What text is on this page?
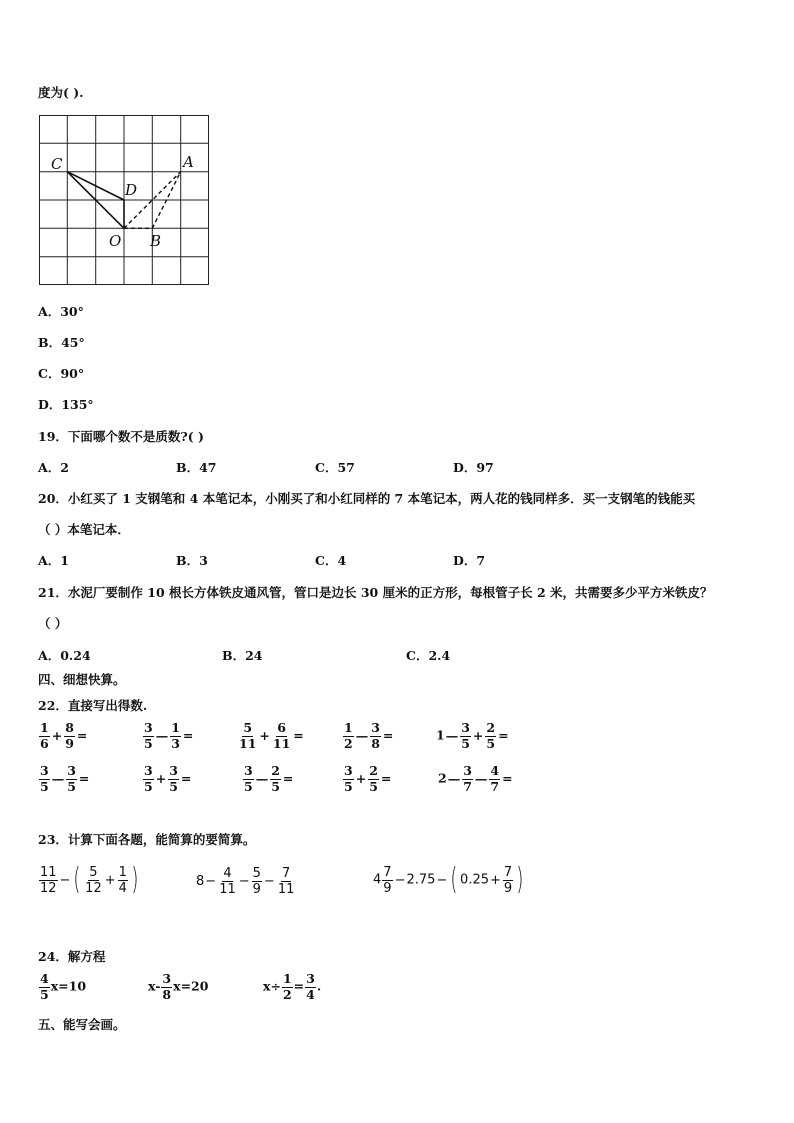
度为( ).
C
D
A
O B
A．30°
B．45°
C．90°
D．135°
19．下面哪个数不是质数?( )
A．2	B．47	C．57	D．97
20．小红买了 1 支钢笔和 4 本笔记本，小刚买了和小红同样的 7 本笔记本，两人花的钱同样多．买一支钢笔的钱能买
（ ）本笔记本．
A．1	B．3	C．4	D．7
21．水泥厂要制作 10 根长方体铁皮通风管，管口是边长 30 厘米的正方形，每根管子长 2 米，共需要多少平方米铁皮？
（ ）
A．0.24	B．24	C．2.4
四、细想快算。
22．直接写出得数.
$\frac{1}{6} + \frac{8}{9}$ =	$\frac{3}{5}$ — $\frac{1}{3}$ =	$\frac{5}{11} + \frac{6}{11}$ =	$\frac{1}{2}$ — $\frac{3}{8}$ =	1— $\frac{3}{5} + \frac{2}{5}$ =
$\frac{3}{5}$ — $\frac{3}{5}$ =	$\frac{3}{5} + \frac{3}{5}$ =	$\frac{3}{5}$ — $\frac{2}{5}$ =	$\frac{3}{5} + \frac{2}{5}$ =	2— $\frac{3}{7}$ — $\frac{4}{7}$ =
23．计算下面各题，能简算的要简算。
$\frac{11}{12}$ − ( $\frac{5}{12} + \frac{1}{4}$ )	$8- \frac{4}{11} - \frac{5}{9} - \frac{7}{11}$	$4 \frac{7}{9} -2.75-$ ( $0.25+ \frac{7}{9}$ )
24．解方程
$\frac{4}{5} x=10$	$x- \frac{3}{8} x=20$	$x\div \frac{1}{2} = \frac{3}{4}$ .
五、能写会画。
